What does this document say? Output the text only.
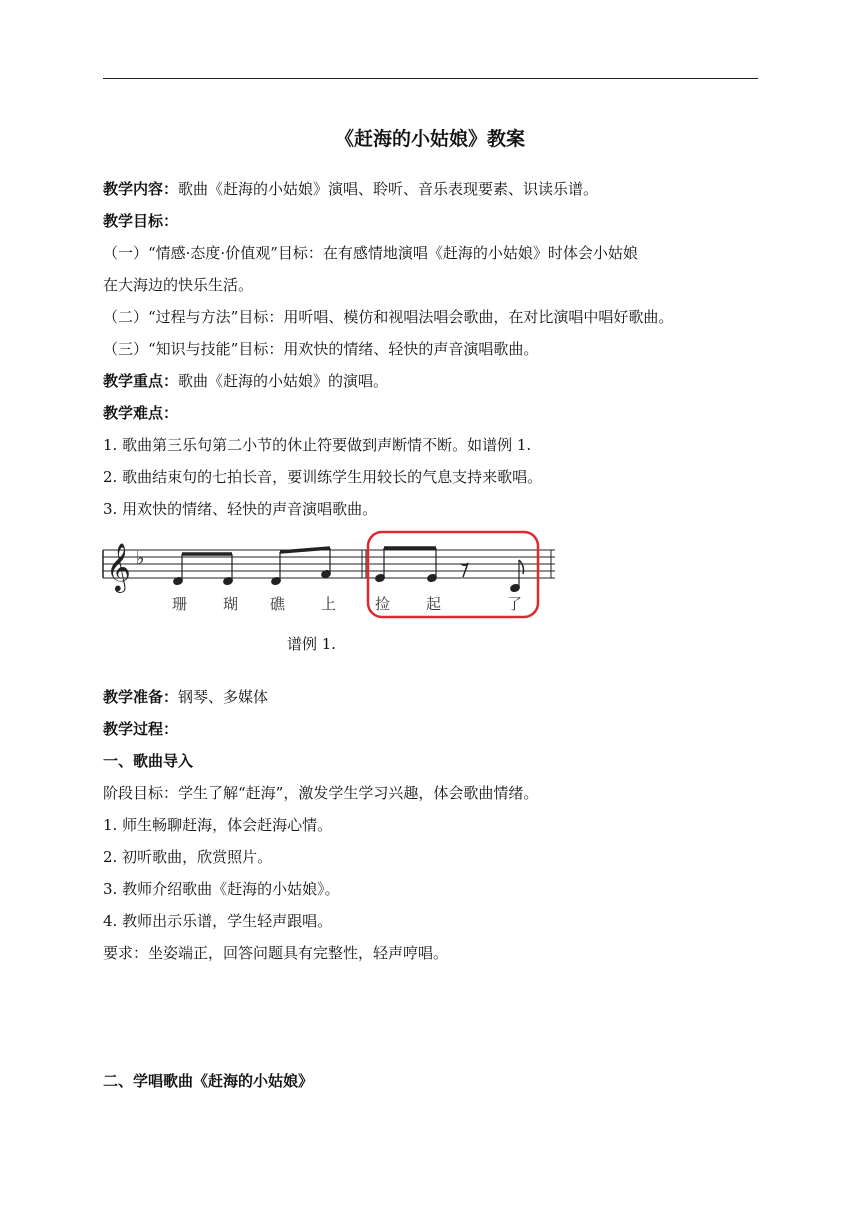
《赶海的小姑娘》教案
教学内容：歌曲《赶海的小姑娘》演唱、聆听、音乐表现要素、识读乐谱。
教学目标：
（一）“情感·态度·价值观”目标：在有感情地演唱《赶海的小姑娘》时体会小姑娘
在大海边的快乐生活。
（二）“过程与方法”目标：用听唱、模仿和视唱法唱会歌曲，在对比演唱中唱好歌曲。
（三）“知识与技能”目标：用欢快的情绪、轻快的声音演唱歌曲。
教学重点：歌曲《赶海的小姑娘》的演唱。
教学难点：
1. 歌曲第三乐句第二小节的休止符要做到声断情不断。如谱例 1.
2. 歌曲结束句的七拍长音，要训练学生用较长的气息支持来歌唱。
3. 用欢快的情绪、轻快的声音演唱歌曲。
𝄞 ♭
珊 瑚 礁 上	捡 起	了
谱例 1.
教学准备：钢琴、多媒体
教学过程：
一、歌曲导入
阶段目标：学生了解“赶海”，激发学生学习兴趣，体会歌曲情绪。
1. 师生畅聊赶海，体会赶海心情。
2. 初听歌曲，欣赏照片。
3. 教师介绍歌曲《赶海的小姑娘》。
4. 教师出示乐谱，学生轻声跟唱。
要求：坐姿端正，回答问题具有完整性，轻声哼唱。
二、学唱歌曲《赶海的小姑娘》
